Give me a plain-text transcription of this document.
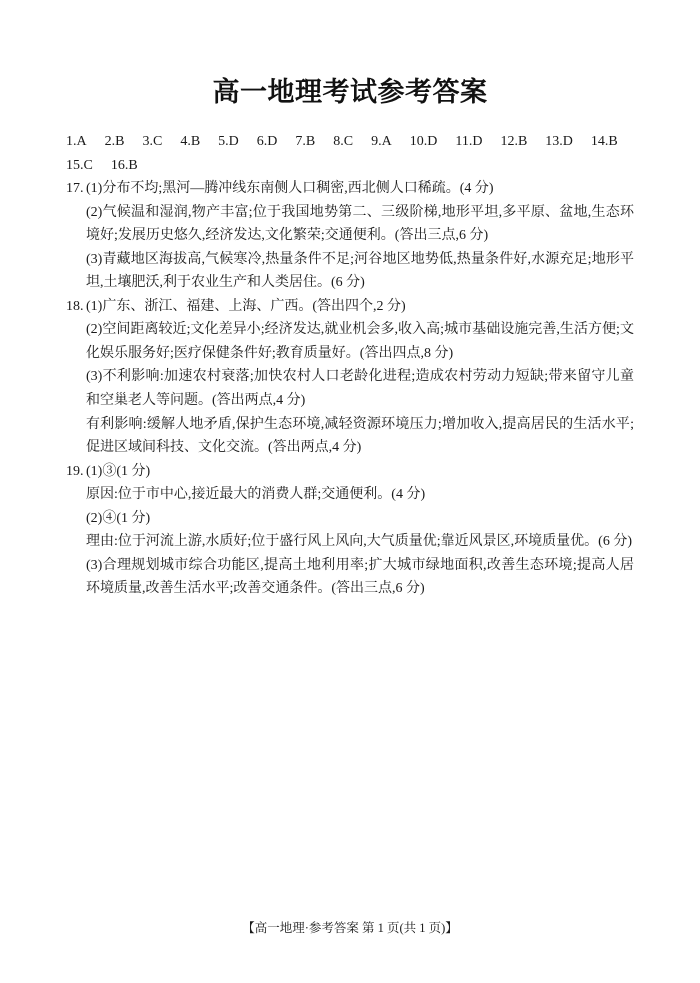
高一地理考试参考答案
1.A 2.B 3.C 4.B 5.D 6.D 7.B 8.C 9.A 10.D 11.D 12.B 13.D 14.B
15.C 16.B
17. (1)分布不均;黑河—腾冲线东南侧人口稠密,西北侧人口稀疏。(4 分)

(2)气候温和湿润,物产丰富;位于我国地势第二、三级阶梯,地形平坦,多平原、盆地,生态环境好;发展历史悠久,经济发达,文化繁荣;交通便利。(答出三点,6 分)

(3)青藏地区海拔高,气候寒冷,热量条件不足;河谷地区地势低,热量条件好,水源充足;地形平坦,土壤肥沃,利于农业生产和人类居住。(6 分)

18. (1)广东、浙江、福建、上海、广西。(答出四个,2 分)

(2)空间距离较近;文化差异小;经济发达,就业机会多,收入高;城市基础设施完善,生活方便;文化娱乐服务好;医疗保健条件好;教育质量好。(答出四点,8 分)

(3)不利影响:加速农村衰落;加快农村人口老龄化进程;造成农村劳动力短缺;带来留守儿童和空巢老人等问题。(答出两点,4 分)

有利影响:缓解人地矛盾,保护生态环境,减轻资源环境压力;增加收入,提高居民的生活水平;促进区域间科技、文化交流。(答出两点,4 分)

19. (1)③(1 分)

原因:位于市中心,接近最大的消费人群;交通便利。(4 分)

(2)④(1 分)

理由:位于河流上游,水质好;位于盛行风上风向,大气质量优;靠近风景区,环境质量优。(6 分)

(3)合理规划城市综合功能区,提高土地利用率;扩大城市绿地面积,改善生态环境;提高人居环境质量,改善生活水平;改善交通条件。(答出三点,6 分)

【高一地理·参考答案 第 1 页(共 1 页)】
